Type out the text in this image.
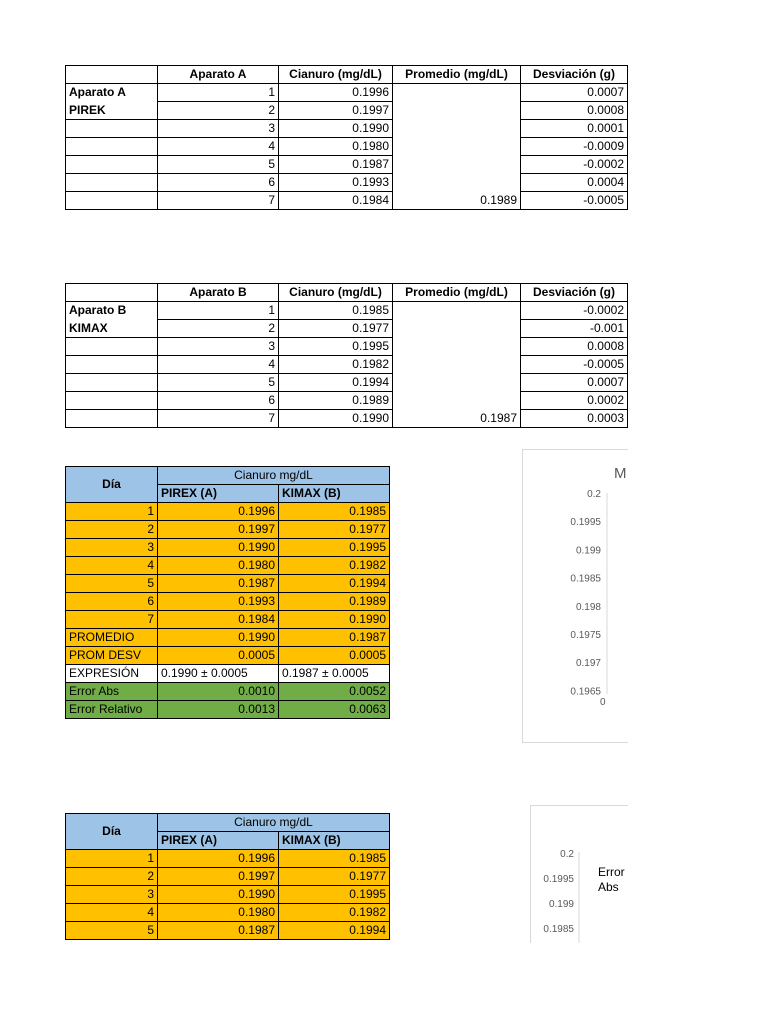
	Aparato A	Cianuro (mg/dL)	Promedio (mg/dL)	Desviación (g)
Aparato A	1	0.1996		0.0007
PIREK	2	0.1997		0.0008
	3	0.1990		0.0001
	4	0.1980		-0.0009
	5	0.1987		-0.0002
	6	0.1993		0.0004
	7	0.1984	0.1989	-0.0005
	Aparato B	Cianuro (mg/dL)	Promedio (mg/dL)	Desviación (g)
Aparato B	1	0.1985		-0.0002
KIMAX	2	0.1977		-0.001
	3	0.1995		0.0008
	4	0.1982		-0.0005
	5	0.1994		0.0007
	6	0.1989		0.0002
	7	0.1990	0.1987	0.0003
Día	Cianuro mg/dL	
	PIREX (A)	KIMAX (B)
1	0.1996	0.1985
2	0.1997	0.1977
3	0.1990	0.1995
4	0.1980	0.1982
5	0.1987	0.1994
6	0.1993	0.1989
7	0.1984	0.1990
PROMEDIO	0.1990	0.1987
PROM DESV	0.0005	0.0005
EXPRESIÓN	0.1990 ± 0.0005	0.1987 ± 0.0005
Error Abs	0.0010	0.0052
Error Relativo	0.0013	0.0063
Día	Cianuro mg/dL	
	PIREX (A)	KIMAX (B)
1	0.1996	0.1985
2	0.1997	0.1977
3	0.1990	0.1995
4	0.1980	0.1982
5	0.1987	0.1994
M
0.2
0.1995
0.199
0.1985
0.198
0.1975
0.197
0.1965
0
Error
Abs
0.2
0.1995
0.199
0.1985
